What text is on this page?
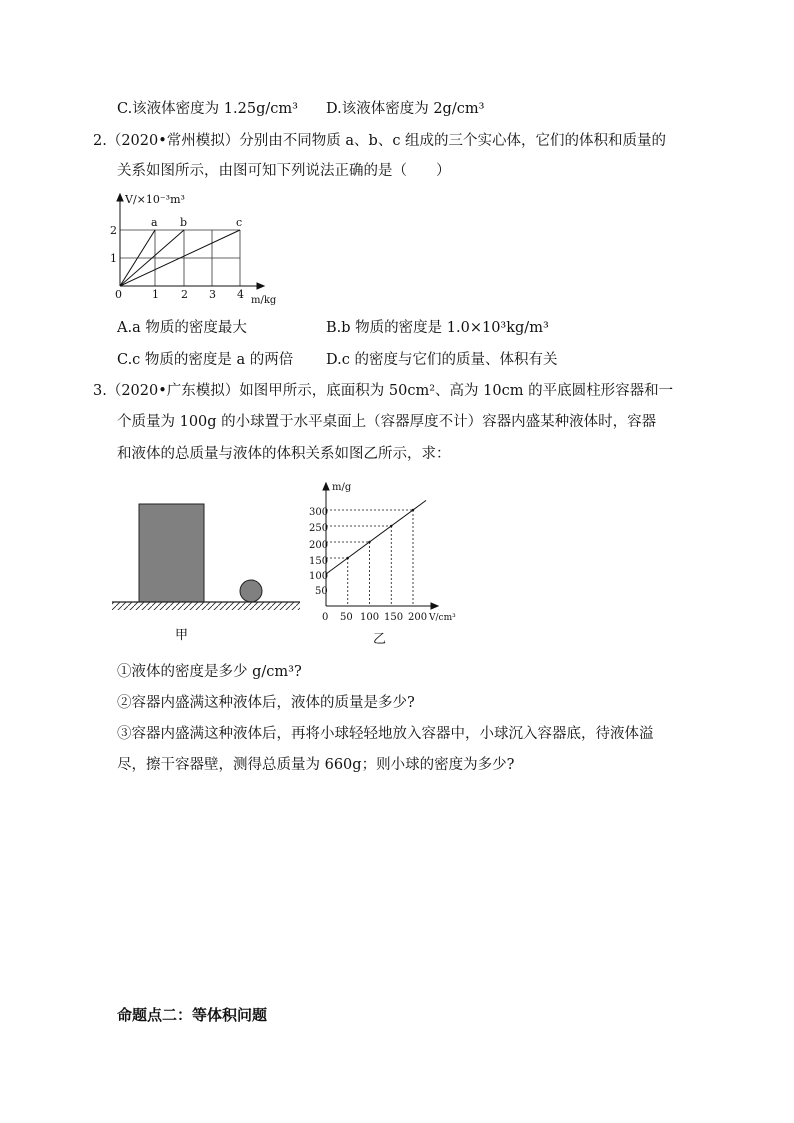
C.该液体密度为 1.25g/cm³ D.该液体密度为 2g/cm³
2.（2020•常州模拟）分别由不同物质 a、b、c 组成的三个实心体，它们的体积和质量的
关系如图所示，由图可知下列说法正确的是（　　）
V/×10⁻³m³
m/kg
0	1 2 3 4
1
2
a b	c
A.a 物质的密度最大	B.b 物质的密度是 1.0×10³kg/m³
C.c 物质的密度是 a 的两倍 D.c 的密度与它们的质量、体积有关
3.（2020•广东模拟）如图甲所示，底面积为 50cm²、高为 10cm 的平底圆柱形容器和一
个质量为 100g 的小球置于水平桌面上（容器厚度不计）容器内盛某种液体时，容器
和液体的总质量与液体的体积关系如图乙所示，求：
甲
m/g
V/cm³
0 50 100 150 200
50
100
150
200
250
300
乙
①液体的密度是多少 g/cm³?
②容器内盛满这种液体后，液体的质量是多少?
③容器内盛满这种液体后，再将小球轻轻地放入容器中，小球沉入容器底，待液体溢
尽，擦干容器壁，测得总质量为 660g；则小球的密度为多少?
命题点二：等体积问题
